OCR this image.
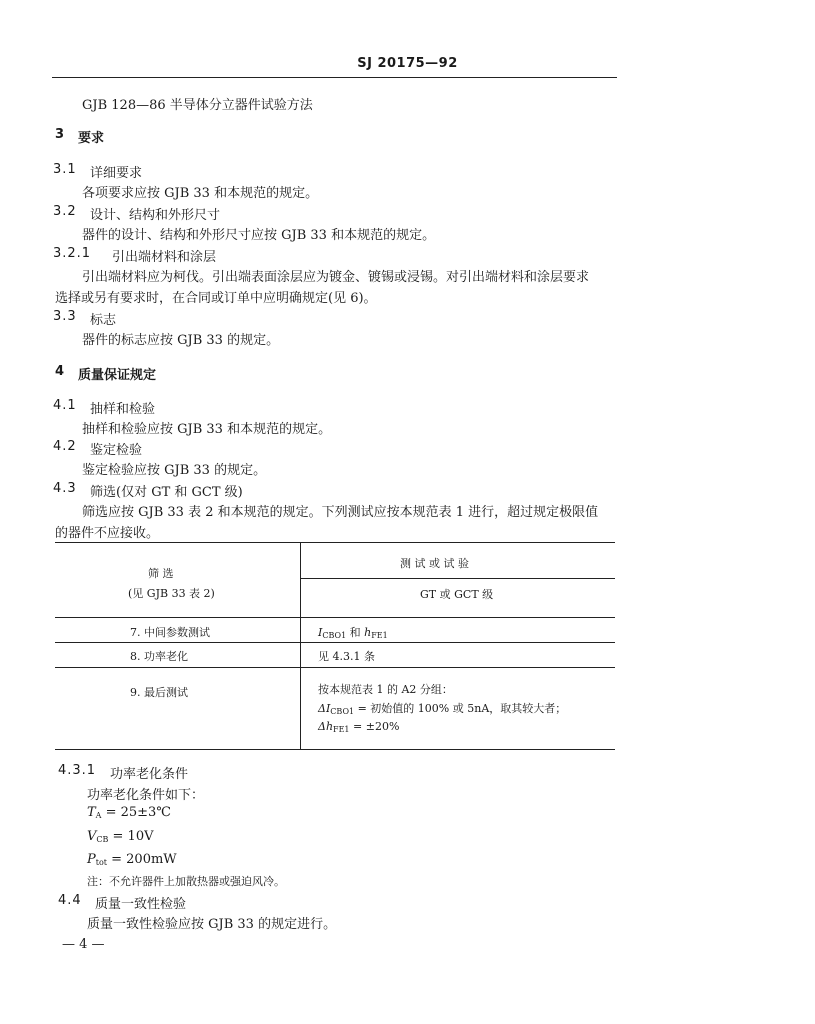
SJ 20175—92
GJB 128—86 半导体分立器件试验方法
3 要求
3.1 详细要求
各项要求应按 GJB 33 和本规范的规定。
3.2 设计、结构和外形尺寸
器件的设计、结构和外形尺寸应按 GJB 33 和本规范的规定。
3.2.1 引出端材料和涂层
引出端材料应为柯伐。引出端表面涂层应为镀金、镀锡或浸锡。对引出端材料和涂层要求
选择或另有要求时，在合同或订单中应明确规定(见 6)。
3.3 标志
器件的标志应按 GJB 33 的规定。
4 质量保证规定
4.1 抽样和检验
抽样和检验应按 GJB 33 和本规范的规定。
4.2 鉴定检验
鉴定检验应按 GJB 33 的规定。
4.3 筛选(仅对 GT 和 GCT 级)
筛选应按 GJB 33 表 2 和本规范的规定。下列测试应按本规范表 1 进行，超过规定极限值
的器件不应接收。
筛 选
(见 GJB 33 表 2)
测 试 或 试 验
GT 或 GCT 级
7. 中间参数测试	$I_{CBO1}$ 和 $h_{FE1}$
8. 功率老化	见 4.3.1 条
9. 最后测试	按本规范表 1 的 A2 分组：
$\Delta I_{CBO1}$ = 初始值的 100% 或 5nA，取其较大者；
$\Delta h_{FE1} = \pm 20\%$
4.3.1 功率老化条件
功率老化条件如下：
$T_A$ = 25±3℃
$V_{CB} = 10V$
$P_{tot} = 200mW$
注：不允许器件上加散热器或强迫风冷。
4.4 质量一致性检验
质量一致性检验应按 GJB 33 的规定进行。
— 4 —
